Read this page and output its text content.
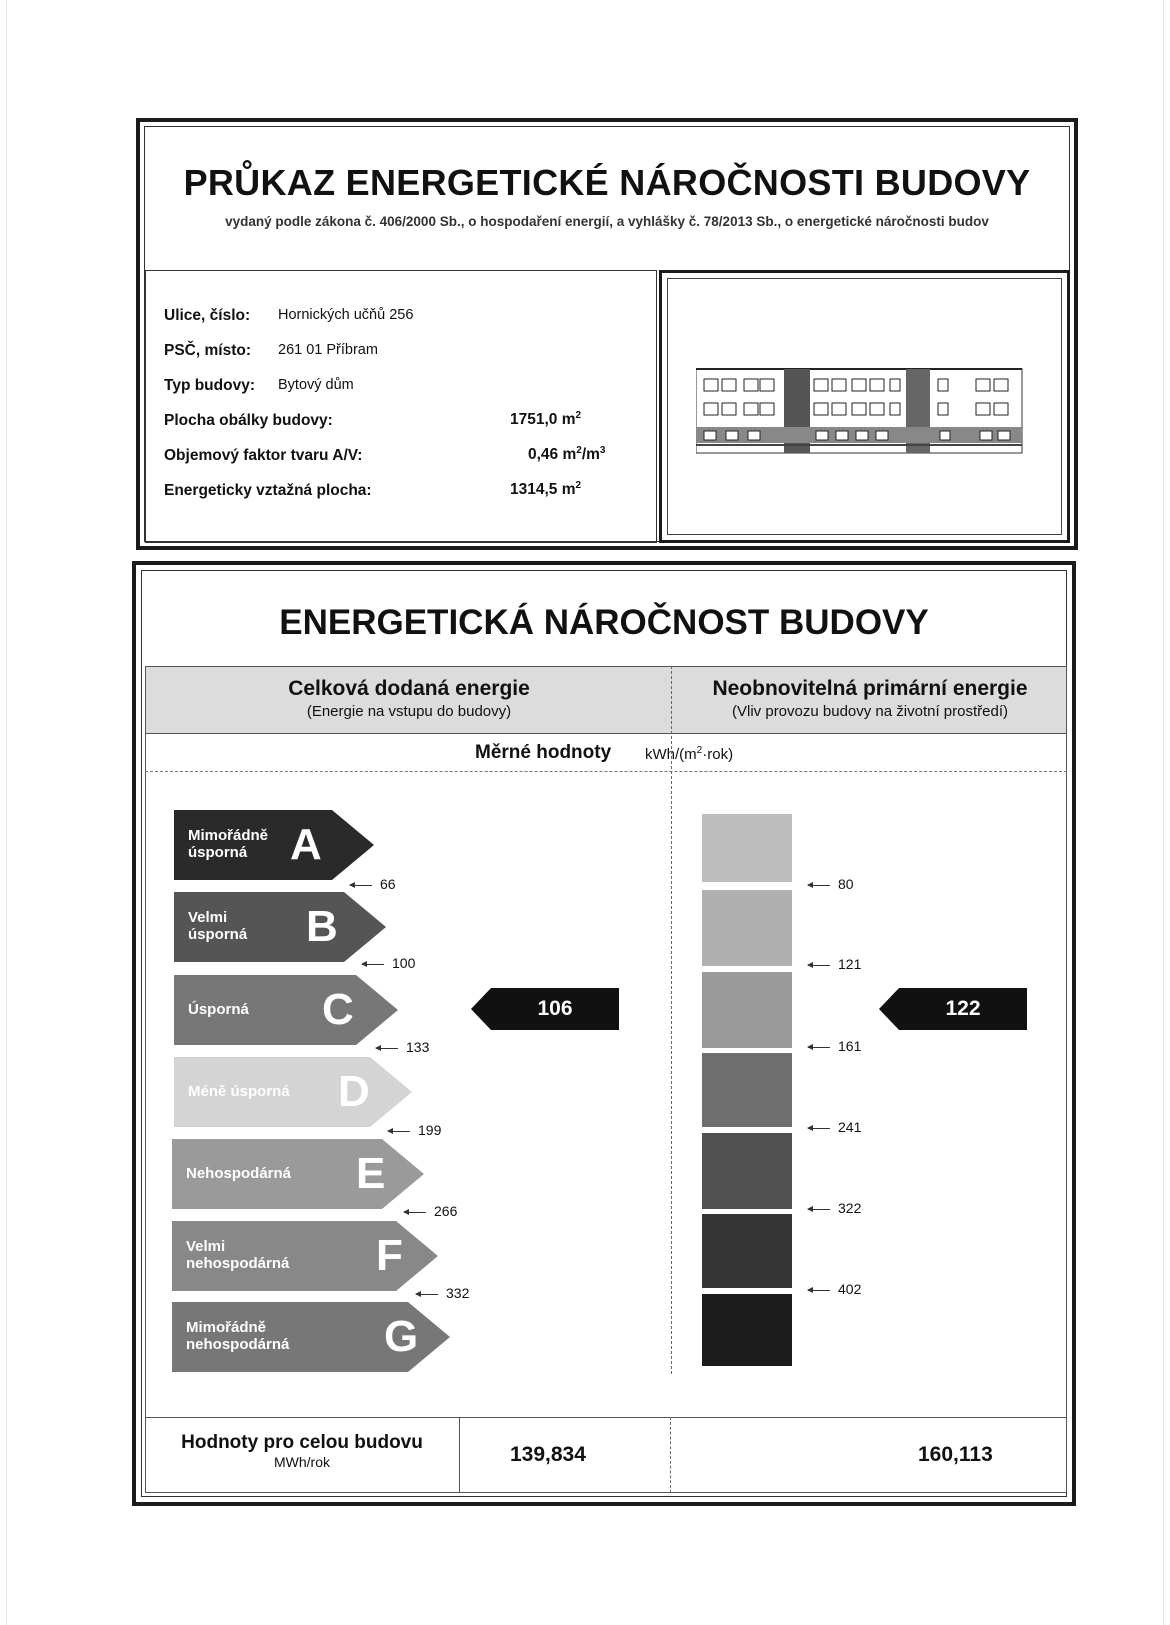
PRŮKAZ ENERGETICKÉ NÁROČNOSTI BUDOVY
vydaný podle zákona č. 406/2000 Sb., o hospodaření energií, a vyhlášky č. 78/2013 Sb., o energetické náročnosti budov
Ulice, číslo: Hornických učňů 256
PSČ, místo: 261 01 Příbram
Typ budovy: Bytový dům
Plocha obálky budovy:	1751,0 $m^2$
Objemový faktor tvaru A/V:	0,46 $m^2/m^3$
Energeticky vztažná plocha:	1314,5 $m^2$
ENERGETICKÁ NÁROČNOST BUDOVY
Celková dodaná energie
(Energie na vstupu do budovy)
Neobnovitelná primární energie
(Vliv provozu budovy na životní prostředí)
Měrné hodnoty kWh/$(m^2\cdot rok)$
Mimořádně
úsporná A
Velmi
úsporná B
Úsporná C
Méně úsporná D
Nehospodárná E
Velmi
nehospodárná F
Mimořádně
nehospodárná G
66
100
133
199
266
332
106
80
121
161
241
322
402
122
Hodnoty pro celou budovu
MWh/rok	139,834	160,113
